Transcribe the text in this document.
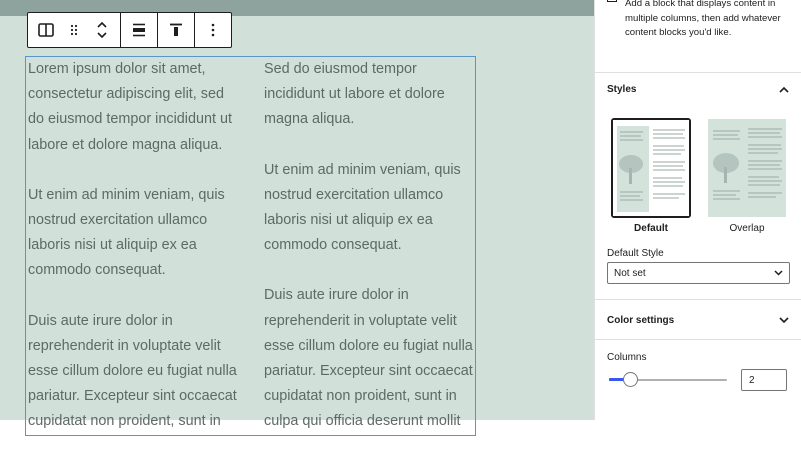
Lorem ipsum dolor sit amet,
consectetur adipiscing elit, sed
do eiusmod tempor incididunt ut
labore et dolore magna aliqua.

Ut enim ad minim veniam, quis
nostrud exercitation ullamco
laboris nisi ut aliquip ex ea
commodo consequat.

Duis aute irure dolor in
reprehenderit in voluptate velit
esse cillum dolore eu fugiat nulla
pariatur. Excepteur sint occaecat
cupidatat non proident, sunt in

Sed do eiusmod tempor
incididunt ut labore et dolore
magna aliqua.

Ut enim ad minim veniam, quis
nostrud exercitation ullamco
laboris nisi ut aliquip ex ea
commodo consequat.

Duis aute irure dolor in
reprehenderit in voluptate velit
esse cillum dolore eu fugiat nulla
pariatur. Excepteur sint occaecat
cupidatat non proident, sunt in
culpa qui officia deserunt mollit

Add a block that displays content in multiple columns, then add whatever content blocks you'd like.
Styles
Default	Overlap
Default Style
Not set
Color settings
Columns
2
